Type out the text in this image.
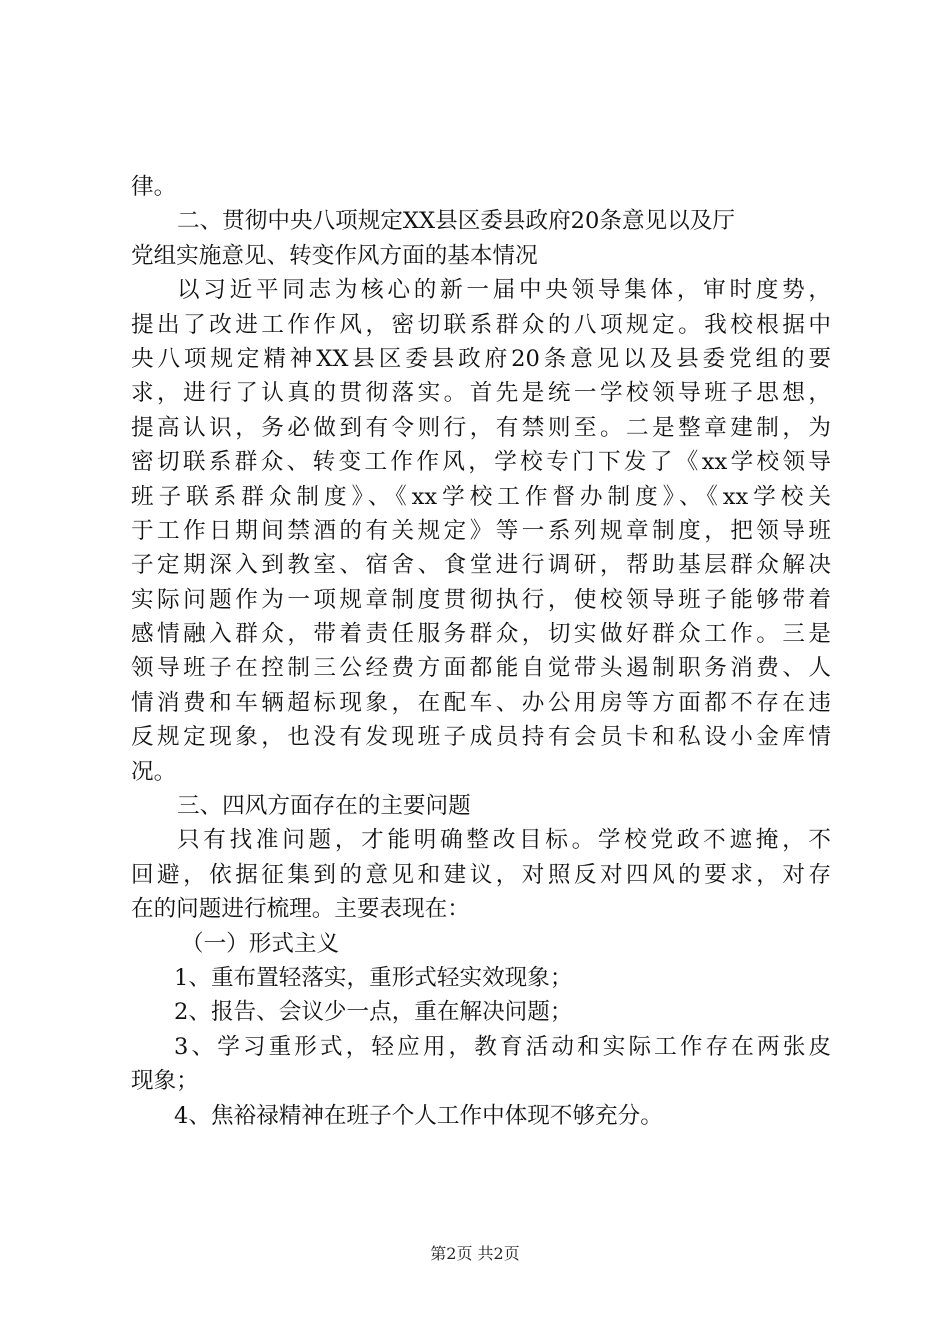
律。
二、贯彻中央八项规定XX县区委县政府20条意见以及厅
党组实施意见、转变作风方面的基本情况
以习近平同志为核心的新一届中央领导集体，审时度势，
提出了改进工作作风，密切联系群众的八项规定。我校根据中
央八项规定精神XX县区委县政府20条意见以及县委党组的要
求，进行了认真的贯彻落实。首先是统一学校领导班子思想，
提高认识，务必做到有令则行，有禁则至。二是整章建制，为
密切联系群众、转变工作作风，学校专门下发了《xx学校领导
班子联系群众制度》、《xx学校工作督办制度》、《xx学校关
于工作日期间禁酒的有关规定》等一系列规章制度，把领导班
子定期深入到教室、宿舍、食堂进行调研，帮助基层群众解决
实际问题作为一项规章制度贯彻执行，使校领导班子能够带着
感情融入群众，带着责任服务群众，切实做好群众工作。三是
领导班子在控制三公经费方面都能自觉带头遏制职务消费、人
情消费和车辆超标现象，在配车、办公用房等方面都不存在违
反规定现象，也没有发现班子成员持有会员卡和私设小金库情
况。
三、四风方面存在的主要问题
只有找准问题，才能明确整改目标。学校党政不遮掩，不
回避，依据征集到的意见和建议，对照反对四风的要求，对存
在的问题进行梳理。主要表现在：
（一）形式主义
1、重布置轻落实，重形式轻实效现象；
2、报告、会议少一点，重在解决问题；
3、学习重形式，轻应用，教育活动和实际工作存在两张皮
现象；
4、焦裕禄精神在班子个人工作中体现不够充分。
第2页 共2页
